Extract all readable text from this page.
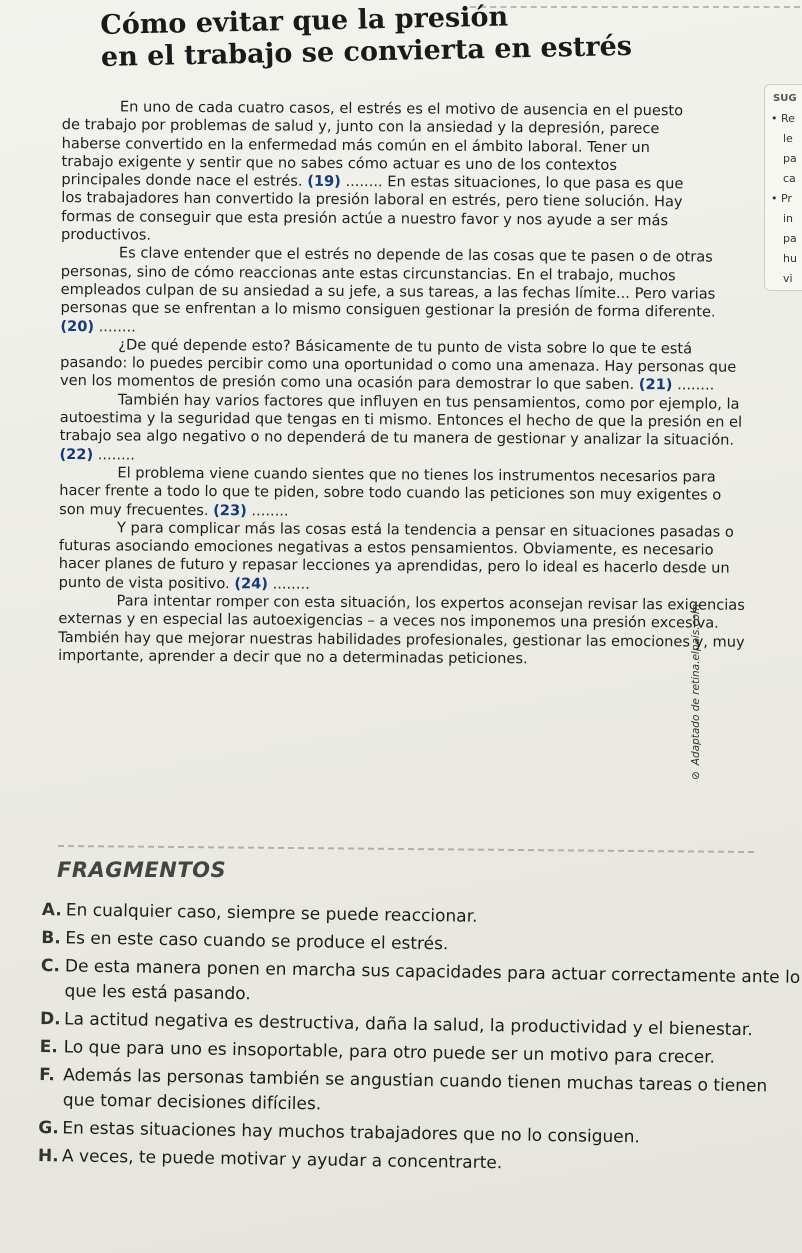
Cómo evitar que la presión
en el trabajo se convierta en estrés

En uno de cada cuatro casos, el estrés es el motivo de ausencia en el puesto de trabajo por problemas de salud y, junto con la ansiedad y la depresión, parece haberse convertido en la enfermedad más común en el ámbito laboral. Tener un trabajo exigente y sentir que no sabes cómo actuar es uno de los contextos principales donde nace el estrés. (19) ........ En estas situaciones, lo que pasa es que los trabajadores han convertido la presión laboral en estrés, pero tiene solución. Hay formas de conseguir que esta presión actúe a nuestro favor y nos ayude a ser más productivos.

Es clave entender que el estrés no depende de las cosas que te pasen o de otras personas, sino de cómo reaccionas ante estas circunstancias. En el trabajo, muchos empleados culpan de su ansiedad a su jefe, a sus tareas, a las fechas límite... Pero varias personas que se enfrentan a lo mismo consiguen gestionar la presión de forma diferente. (20) ........

¿De qué depende esto? Básicamente de tu punto de vista sobre lo que te está pasando: lo puedes percibir como una oportunidad o como una amenaza. Hay personas que ven los momentos de presión como una ocasión para demostrar lo que saben. (21) ........

También hay varios factores que influyen en tus pensamientos, como por ejemplo, la autoestima y la seguridad que tengas en ti mismo. Entonces el hecho de que la presión en el trabajo sea algo negativo o no dependerá de tu manera de gestionar y analizar la situación. (22) ........

El problema viene cuando sientes que no tienes los instrumentos necesarios para hacer frente a todo lo que te piden, sobre todo cuando las peticiones son muy exigentes o son muy frecuentes. (23) ........

Y para complicar más las cosas está la tendencia a pensar en situaciones pasadas o futuras asociando emociones negativas a estos pensamientos. Obviamente, es necesario hacer planes de futuro y repasar lecciones ya aprendidas, pero lo ideal es hacerlo desde un punto de vista positivo. (24) ........

Para intentar romper con esta situación, los expertos aconsejan revisar las exigencias externas y en especial las autoexigencias – a veces nos imponemos una presión excesiva. También hay que mejorar nuestras habilidades profesionales, gestionar las emociones y, muy importante, aprender a decir que no a determinadas peticiones.

SUG
• Re
le
pa
ca
• Pr
in
pa
hu
vi
⊘Adaptado de retina.elpais.com
FRAGMENTOS
A. En cualquier caso, siempre se puede reaccionar.
B. Es en este caso cuando se produce el estrés.
C. De esta manera ponen en marcha sus capacidades para actuar correctamente ante lo que les está pasando.
D. La actitud negativa es destructiva, daña la salud, la productividad y el bienestar.
E. Lo que para uno es insoportable, para otro puede ser un motivo para crecer.
F. Además las personas también se angustian cuando tienen muchas tareas o tienen que tomar decisiones difíciles.
G. En estas situaciones hay muchos trabajadores que no lo consiguen.
H. A veces, te puede motivar y ayudar a concentrarte.
